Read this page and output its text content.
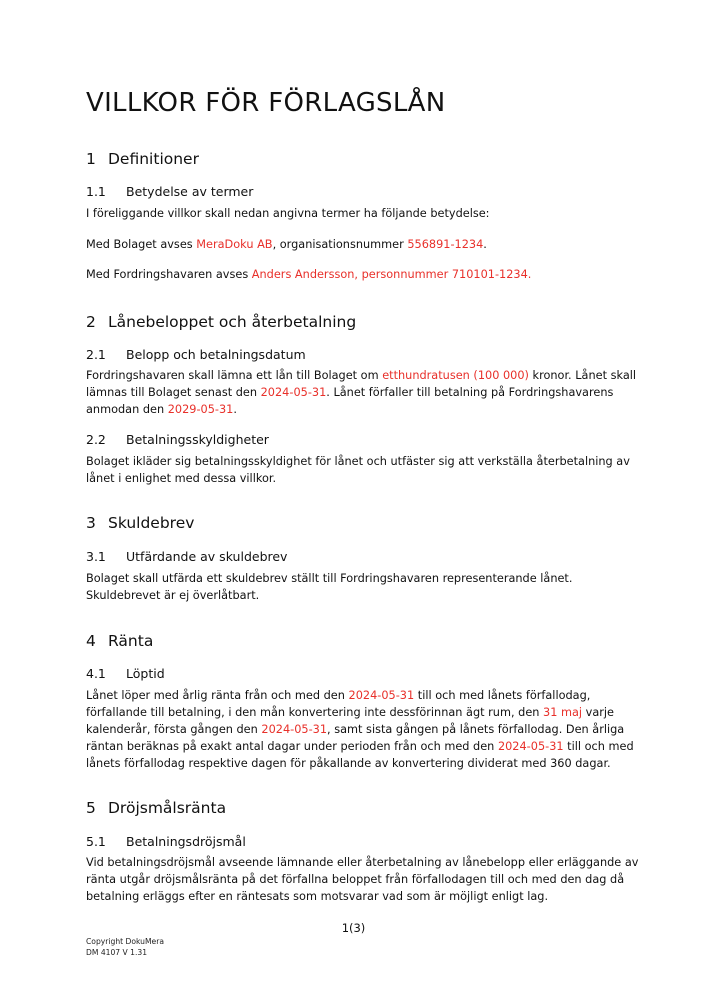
VILLKOR FÖR FÖRLAGSLÅN
1 Definitioner
1.1 Betydelse av termer

I föreliggande villkor skall nedan angivna termer ha följande betydelse:

Med Bolaget avses MeraDoku AB, organisationsnummer 556891-1234.

Med Fordringshavaren avses Anders Andersson, personnummer 710101-1234.

2 Lånebeloppet och återbetalning
2.1 Belopp och betalningsdatum

Fordringshavaren skall lämna ett lån till Bolaget om etthundratusen (100 000) kronor. Lånet skall
lämnas till Bolaget senast den 2024-05-31. Lånet förfaller till betalning på Fordringshavarens
anmodan den 2029-05-31.

2.2 Betalningsskyldigheter

Bolaget ikläder sig betalningsskyldighet för lånet och utfäster sig att verkställa återbetalning av
lånet i enlighet med dessa villkor.

3 Skuldebrev
3.1 Utfärdande av skuldebrev

Bolaget skall utfärda ett skuldebrev ställt till Fordringshavaren representerande lånet.
Skuldebrevet är ej överlåtbart.

4 Ränta
4.1 Löptid

Lånet löper med årlig ränta från och med den 2024-05-31 till och med lånets förfallodag,
förfallande till betalning, i den mån konvertering inte dessförinnan ägt rum, den 31 maj varje
kalenderår, första gången den 2024-05-31, samt sista gången på lånets förfallodag. Den årliga
räntan beräknas på exakt antal dagar under perioden från och med den 2024-05-31 till och med
lånets förfallodag respektive dagen för påkallande av konvertering dividerat med 360 dagar.

5 Dröjsmålsränta
5.1 Betalningsdröjsmål

Vid betalningsdröjsmål avseende lämnande eller återbetalning av lånebelopp eller erläggande av
ränta utgår dröjsmålsränta på det förfallna beloppet från förfallodagen till och med den dag då
betalning erläggs efter en räntesats som motsvarar vad som är möjligt enligt lag.

1(3)
Copyright DokuMera
DM 4107 V 1.31
